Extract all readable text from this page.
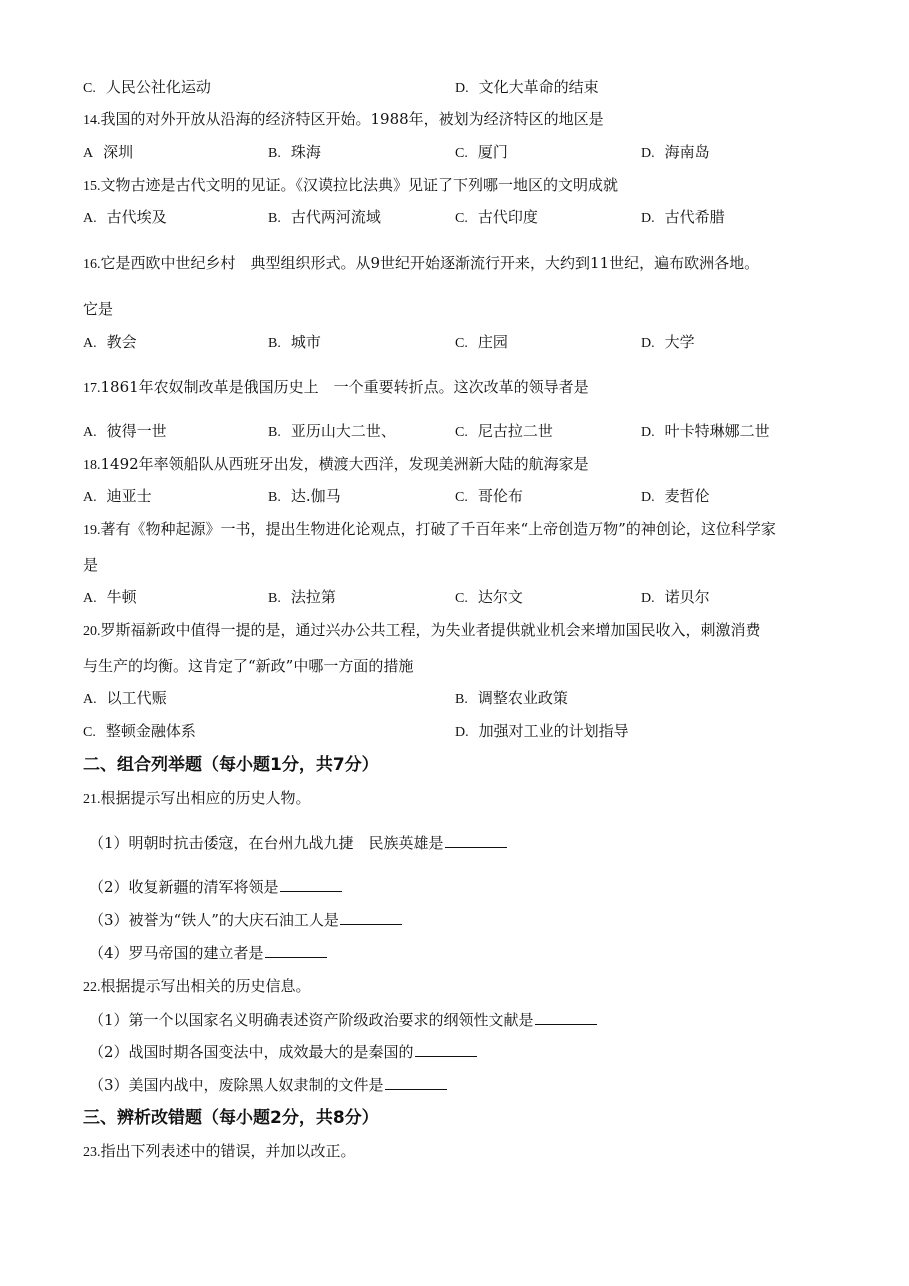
C. 人民公社化运动	D. 文化大革命的结束
14.我国的对外开放从沿海的经济特区开始。1988年，被划为经济特区的地区是
A 深圳	B. 珠海	C. 厦门	D. 海南岛
15.文物古迹是古代文明的见证。《汉谟拉比法典》见证了下列哪一地区的文明成就
A. 古代埃及	B. 古代两河流域	C. 古代印度	D. 古代希腊
16.它是西欧中世纪乡村　典型组织形式。从9世纪开始逐渐流行开来，大约到11世纪，遍布欧洲各地。
它是
A. 教会	B. 城市	C. 庄园	D. 大学
17.1861年农奴制改革是俄国历史上　一个重要转折点。这次改革的领导者是
A. 彼得一世	B. 亚历山大二世、	C. 尼古拉二世	D. 叶卡特琳娜二世
18.1492年率领船队从西班牙出发，横渡大西洋，发现美洲新大陆的航海家是
A. 迪亚士	B. 达.伽马	C. 哥伦布	D. 麦哲伦
19.著有《物种起源》一书，提出生物进化论观点，打破了千百年来“上帝创造万物”的神创论，这位科学家
是
A. 牛顿	B. 法拉第	C. 达尔文	D. 诺贝尔
20.罗斯福新政中值得一提的是，通过兴办公共工程，为失业者提供就业机会来增加国民收入，刺激消费
与生产的均衡。这肯定了“新政”中哪一方面的措施
A. 以工代赈	B. 调整农业政策
C. 整顿金融体系	D. 加强对工业的计划指导
二、组合列举题（每小题1分，共7分）
21.根据提示写出相应的历史人物。
（1）明朝时抗击倭寇，在台州九战九捷　民族英雄是
（2）收复新疆的清军将领是
（3）被誉为“铁人”的大庆石油工人是
（4）罗马帝国的建立者是
22.根据提示写出相关的历史信息。
（1）第一个以国家名义明确表述资产阶级政治要求的纲领性文献是
（2）战国时期各国变法中，成效最大的是秦国的
（3）美国内战中，废除黑人奴隶制的文件是
三、辨析改错题（每小题2分，共8分）
23.指出下列表述中的错误，并加以改正。
